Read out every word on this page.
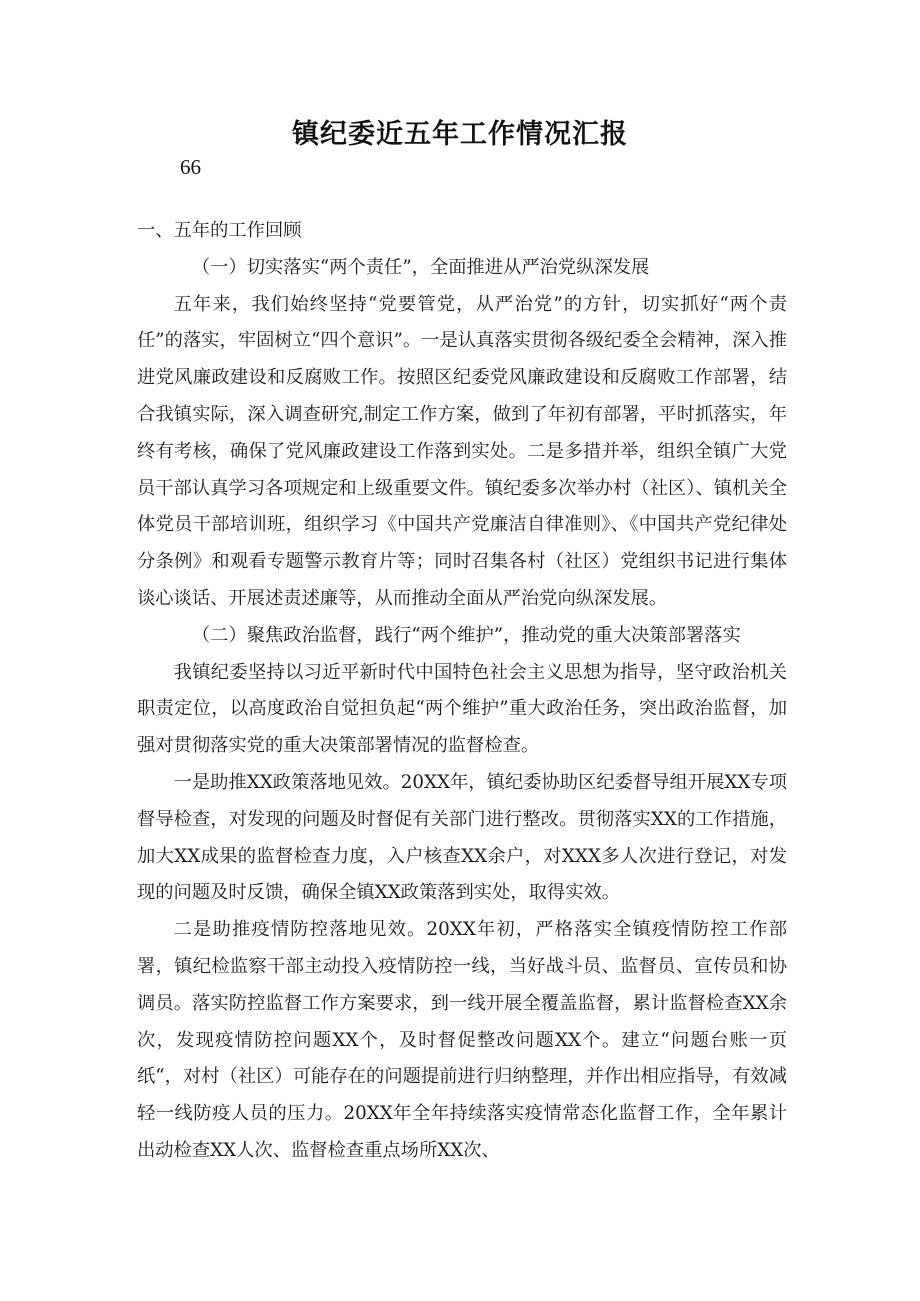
镇纪委近五年工作情况汇报
66

一、五年的工作回顾

（一）切实落实“两个责任”，全面推进从严治党纵深发展

五年来，我们始终坚持“党要管党，从严治党”的方针，切实抓好“两个责任”的落实，牢固树立“四个意识”。一是认真落实贯彻各级纪委全会精神，深入推进党风廉政建设和反腐败工作。按照区纪委党风廉政建设和反腐败工作部署，结合我镇实际，深入调查研究,制定工作方案，做到了年初有部署，平时抓落实，年终有考核，确保了党风廉政建设工作落到实处。二是多措并举，组织全镇广大党员干部认真学习各项规定和上级重要文件。镇纪委多次举办村（社区）、镇机关全体党员干部培训班，组织学习《中国共产党廉洁自律准则》、《中国共产党纪律处分条例》和观看专题警示教育片等；同时召集各村（社区）党组织书记进行集体谈心谈话、开展述责述廉等，从而推动全面从严治党向纵深发展。

（二）聚焦政治监督，践行“两个维护”，推动党的重大决策部署落实

我镇纪委坚持以习近平新时代中国特色社会主义思想为指导，坚守政治机关职责定位，以高度政治自觉担负起“两个维护”重大政治任务，突出政治监督，加强对贯彻落实党的重大决策部署情况的监督检查。

一是助推XX政策落地见效。20XX年，镇纪委协助区纪委督导组开展XX专项督导检查，对发现的问题及时督促有关部门进行整改。贯彻落实XX的工作措施，加大XX成果的监督检查力度，入户核查XX余户，对XXX多人次进行登记，对发现的问题及时反馈，确保全镇XX政策落到实处，取得实效。

二是助推疫情防控落地见效。20XX年初，严格落实全镇疫情防控工作部署，镇纪检监察干部主动投入疫情防控一线，当好战斗员、监督员、宣传员和协调员。落实防控监督工作方案要求，到一线开展全覆盖监督，累计监督检查XX余次，发现疫情防控问题XX个，及时督促整改问题XX个。建立“问题台账一页纸“，对村（社区）可能存在的问题提前进行归纳整理，并作出相应指导，有效减轻一线防疫人员的压力。20XX年全年持续落实疫情常态化监督工作，全年累计出动检查XX人次、监督检查重点场所XX次、
